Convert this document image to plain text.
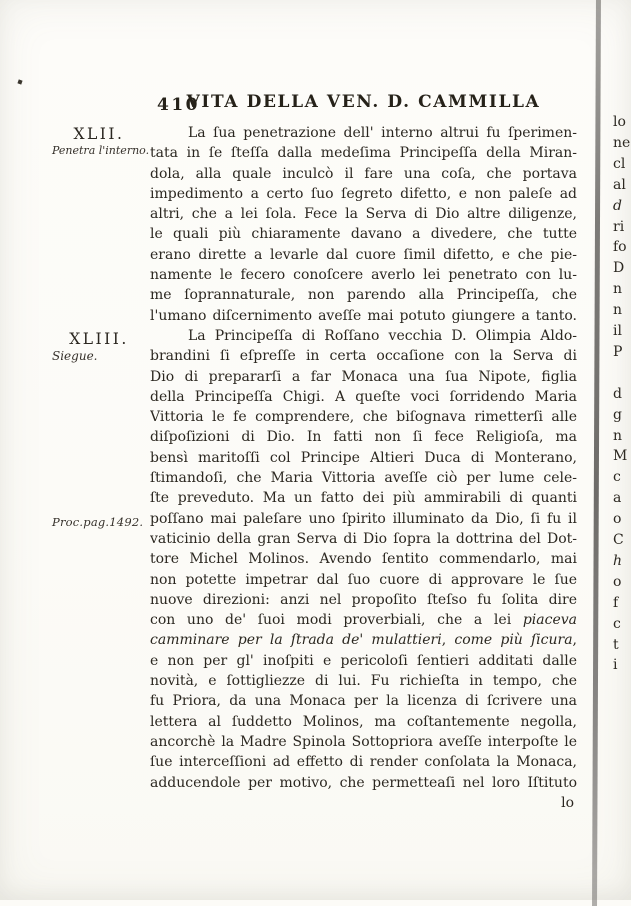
410
VITA DELLA VEN. D. CAMMILLA
XLII.
Penetra l'interno.
XLIII.
Siegue.
Proc.pag.1492.
La ſua penetrazione dell' interno altrui fu ſperimen-
tata in ſe ſteſſa dalla medeſima Principeſſa della Miran-
dola, alla quale inculcò il fare una coſa, che portava
impedimento a certo ſuo ſegreto difetto, e non paleſe ad
altri, che a lei ſola. Fece la Serva di Dio altre diligenze,
le quali più chiaramente davano a divedere, che tutte
erano dirette a levarle dal cuore ſimil difetto, e che pie-
namente le fecero conoſcere averlo lei penetrato con lu-
me ſoprannaturale, non parendo alla Principeſſa, che
l'umano diſcernimento aveſſe mai potuto giungere a tanto.
La Principeſſa di Roſſano vecchia D. Olimpia Aldo-
brandini ſi eſpreſſe in certa occaſione con la Serva di
Dio di prepararſi a far Monaca una ſua Nipote, figlia
della Principeſſa Chigi. A queſte voci ſorridendo Maria
Vittoria le fe comprendere, che biſognava rimetterſi alle
diſpoſizioni di Dio. In fatti non ſi fece Religioſa, ma
bensì maritoſſi col Principe Altieri Duca di Monterano,
ſtimandoſi, che Maria Vittoria aveſſe ciò per lume cele-
ſte preveduto. Ma un fatto dei più ammirabili di quanti
poſſano mai paleſare uno ſpirito illuminato da Dio, ſi fu il
vaticinio della gran Serva di Dio ſopra la dottrina del Dot-
tore Michel Molinos. Avendo ſentito commendarlo, mai
non potette impetrar dal ſuo cuore di approvare le ſue
nuove direzioni: anzi nel propoſito ſteſso fu ſolita dire
con uno de' ſuoi modi proverbiali, che a lei piaceva
camminare per la ſtrada de' mulattieri, come più ſicura,
e non per gl' inoſpiti e pericoloſi ſentieri additati dalle
novità, e ſottigliezze di lui. Fu richieſta in tempo, che
fu Priora, da una Monaca per la licenza di ſcrivere una
lettera al ſuddetto Molinos, ma coſtantemente negolla,
ancorchè la Madre Spinola Sottopriora aveſſe interpoſte le
ſue interceſſioni ad effetto di render conſolata la Monaca,
adducendole per motivo, che permetteaſi nel loro Iſtituto
lo
lo
ne
cl
al
d
ri
fo
D
n
n
il
P
d
g
n
M
c
a
o
C
h
o
f
c
t
i
